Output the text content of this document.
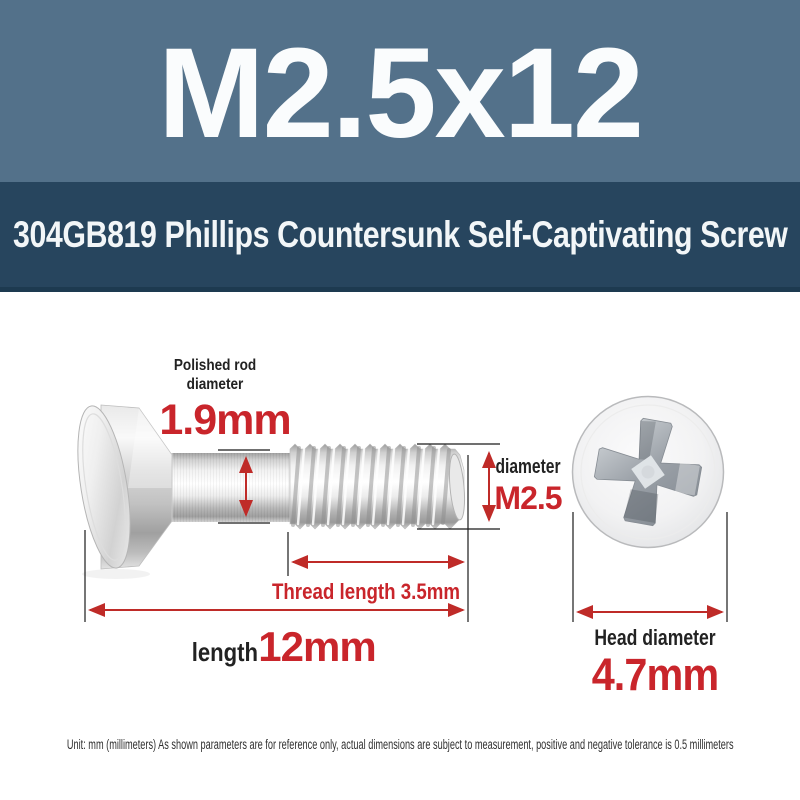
M2.5x12
304GB819 Phillips Countersunk Self-Captivating Screw
Polished rod
diameter
1.9mm
diameter
M2.5
Thread length 3.5mm
length 12mm	Head diameter
4.7mm
Unit: mm (millimeters) As shown parameters are for reference only, actual dimensions are subject to measurement, positive and negative tolerance is 0.5 millimeters
